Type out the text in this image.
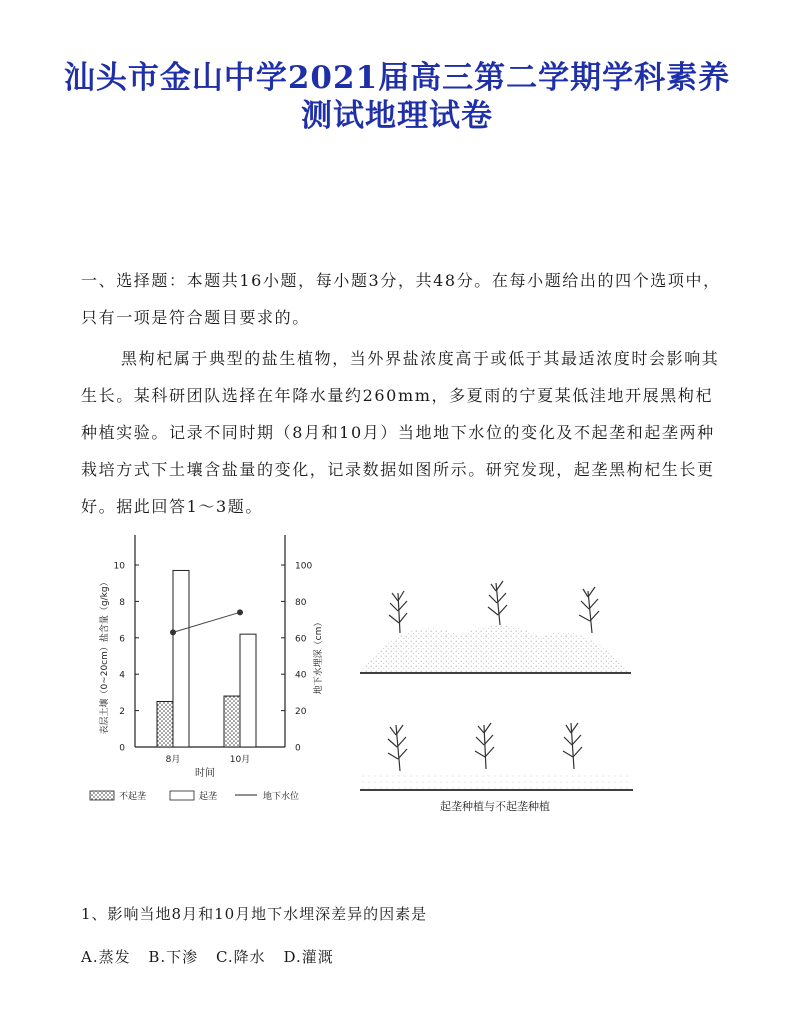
汕头市金山中学2021届高三第二学期学科素养
测试地理试卷
一、选择题：本题共16小题，每小题3分，共48分。在每小题给出的四个选项中，只有一项是符合题目要求的。
黑枸杞属于典型的盐生植物，当外界盐浓度高于或低于其最适浓度时会影响其生长。某科研团队选择在年降水量约260mm，多夏雨的宁夏某低洼地开展黑枸杞种植实验。记录不同时期（8月和10月）当地地下水位的变化及不起垄和起垄两种栽培方式下土壤含盐量的变化，记录数据如图所示。研究发现，起垄黑枸杞生长更好。据此回答1～3题。
0
2
4
6
8
10
0
20
40
60
80
100
表层土壤（0~20cm）盐含量（g/kg）	地下水埋深（cm）
8月	10月
时间
不起垄	起垄	地下水位
起垄种植与不起垄种植
1、影响当地8月和10月地下水埋深差异的因素是
A.蒸发 B.下渗 C.降水 D.灌溉
